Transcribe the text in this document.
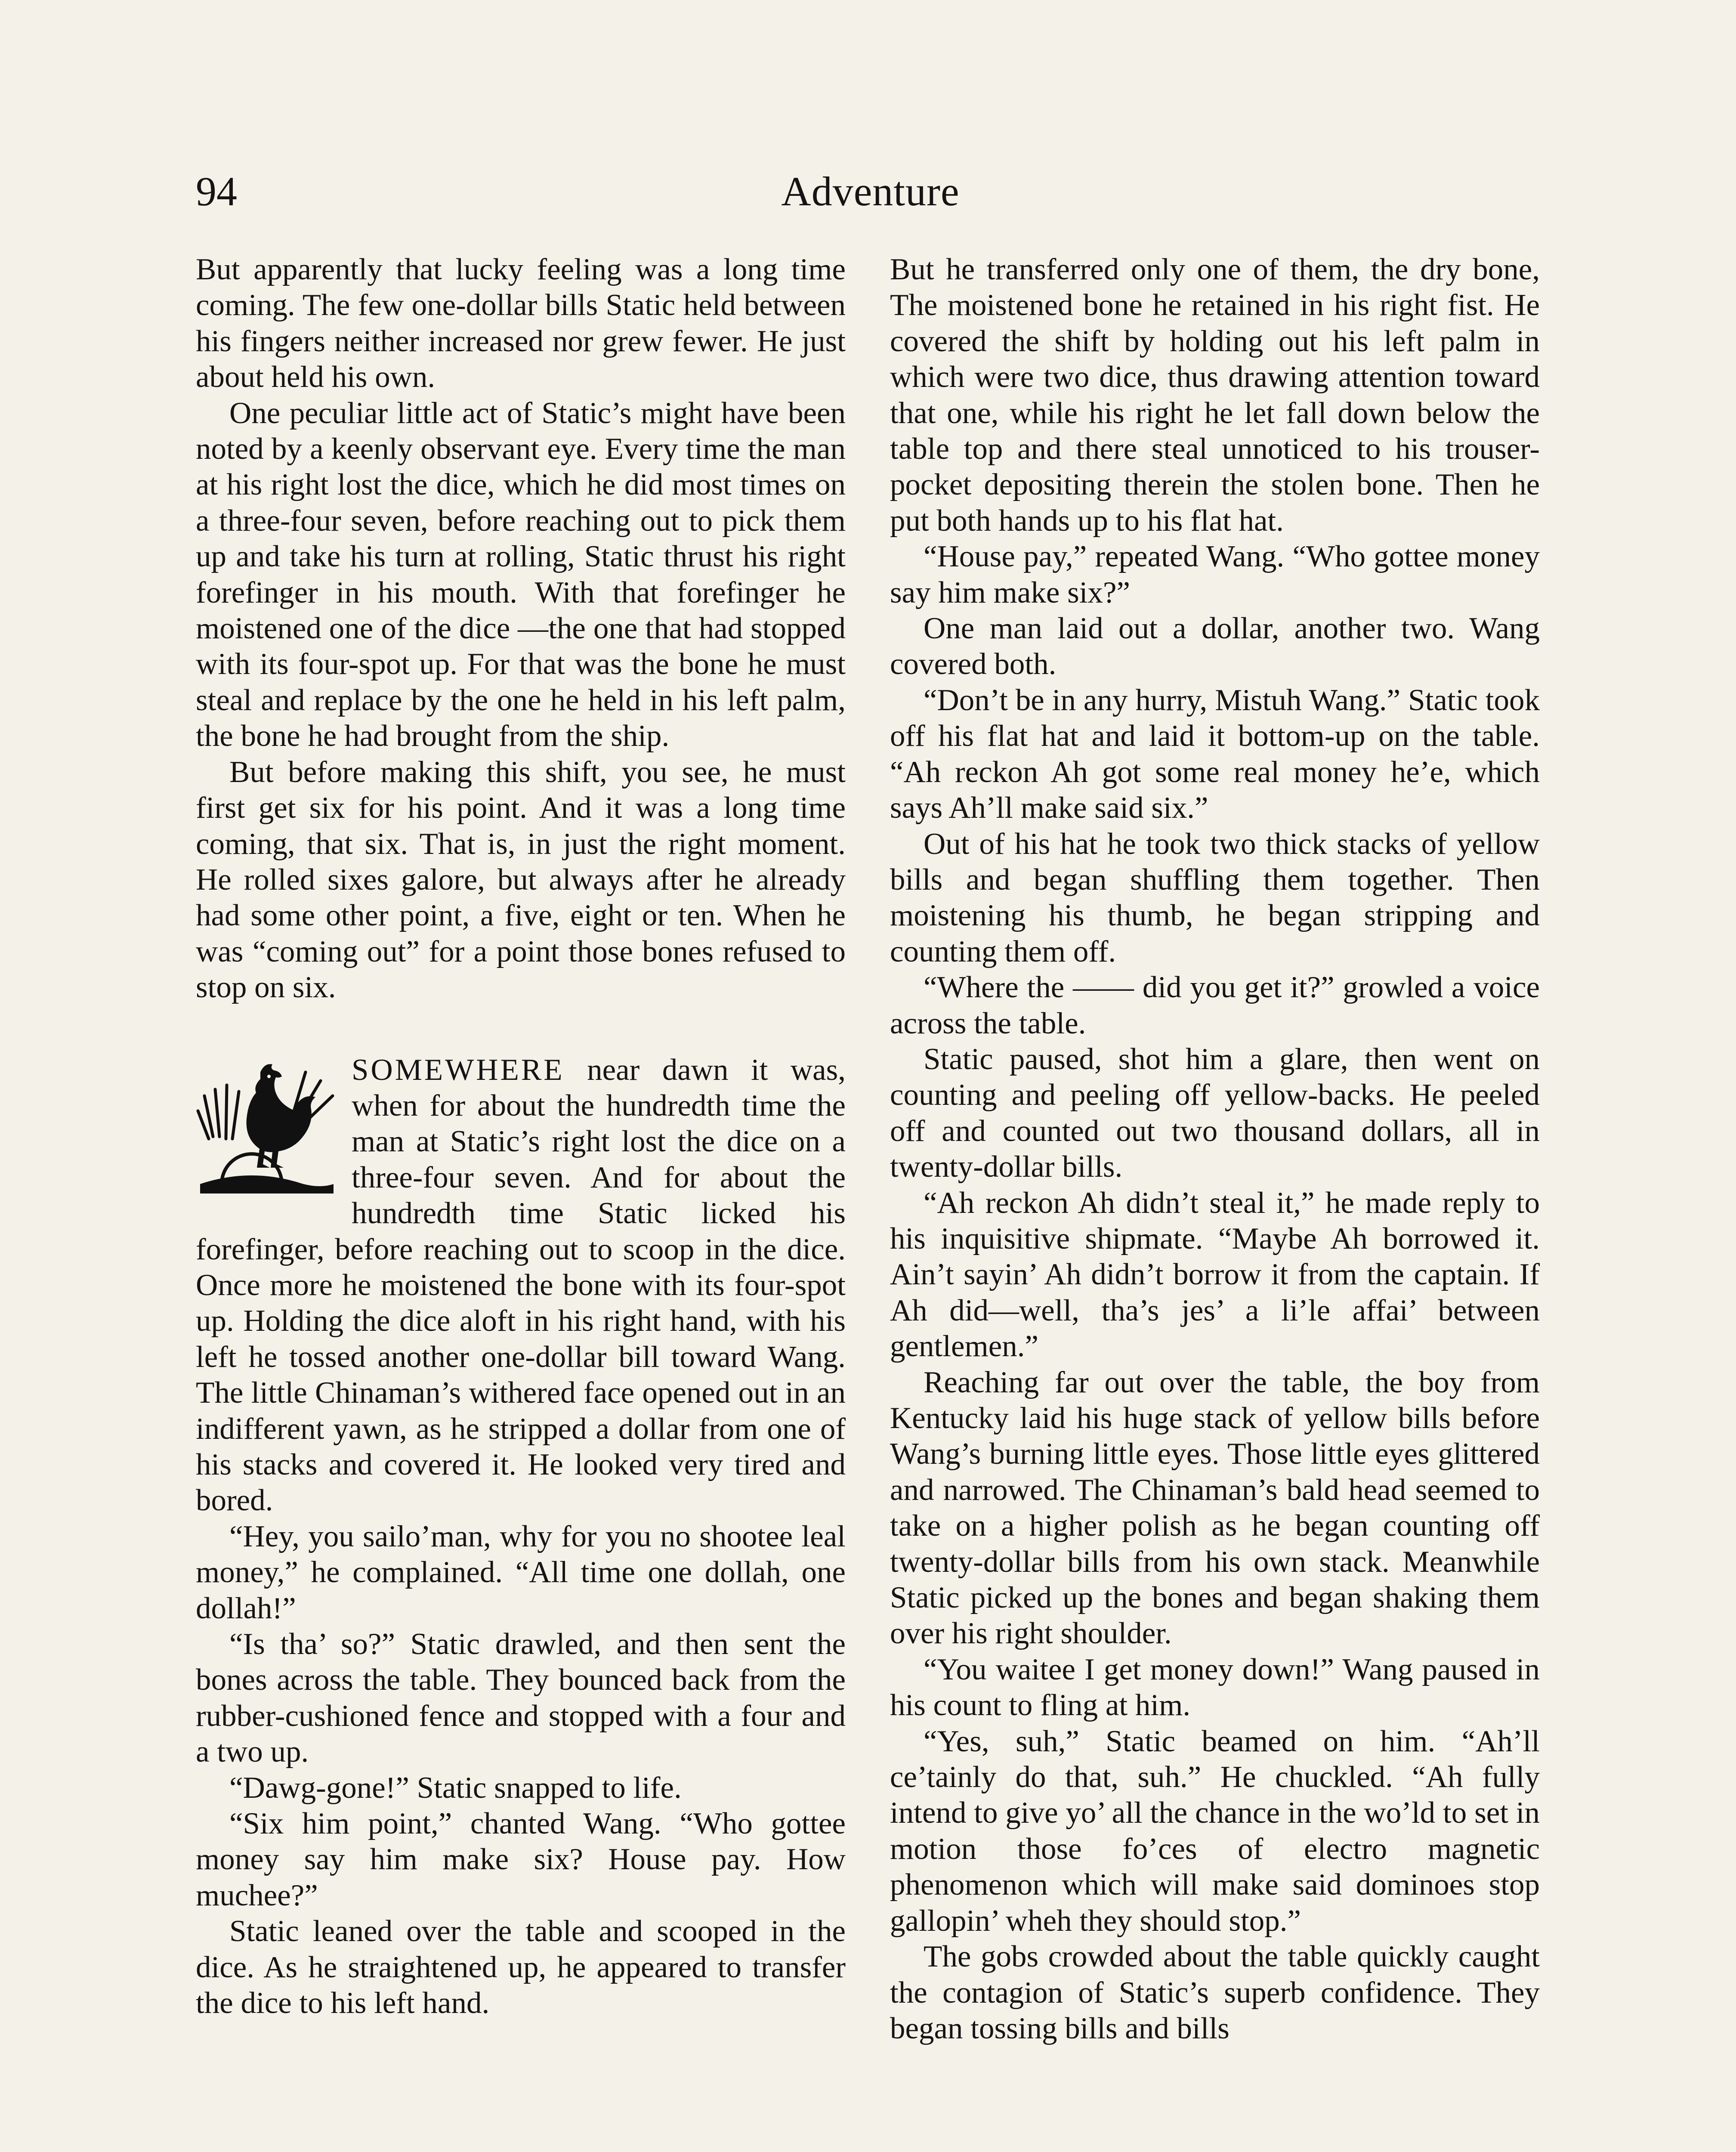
94	Adventure

But apparently that lucky feeling was a long time coming. The few one-dollar bills Static held between his fingers neither increased nor grew fewer. He just about held his own.

One peculiar little act of Static’s might have been noted by a keenly observant eye. Every time the man at his right lost the dice, which he did most times on a three-four seven, before reaching out to pick them up and take his turn at rolling, Static thrust his right forefinger in his mouth. With that forefinger he moistened one of the dice —the one that had stopped with its four-spot up. For that was the bone he must steal and replace by the one he held in his left palm, the bone he had brought from the ship.

But before making this shift, you see, he must first get six for his point. And it was a long time coming, that six. That is, in just the right moment. He rolled sixes galore, but always after he already had some other point, a five, eight or ten. When he was “coming out” for a point those bones refused to stop on six.

SOMEWHERE near dawn it was, when for about the hundredth time the man at Static’s right lost the dice on a three-four seven. And for about the hundredth time Static licked his forefinger, before reaching out to scoop in the dice. Once more he moistened the bone with its four-spot up. Holding the dice aloft in his right hand, with his left he tossed another one-dollar bill toward Wang. The little Chinaman’s withered face opened out in an indifferent yawn, as he stripped a dollar from one of his stacks and covered it. He looked very tired and bored.

“Hey, you sailo’man, why for you no shootee leal money,” he complained. “All time one dollah, one dollah!”

“Is tha’ so?” Static drawled, and then sent the bones across the table. They bounced back from the rubber-cushioned fence and stopped with a four and a two up.

“Dawg-gone!” Static snapped to life.

“Six him point,” chanted Wang. “Who gottee money say him make six? House pay. How muchee?”

Static leaned over the table and scooped in the dice. As he straightened up, he appeared to transfer the dice to his left hand.

But he transferred only one of them, the dry bone, The moistened bone he retained in his right fist. He covered the shift by holding out his left palm in which were two dice, thus drawing attention toward that one, while his right he let fall down below the table top and there steal unnoticed to his trouser-pocket depositing therein the stolen bone. Then he put both hands up to his flat hat.

“House pay,” repeated Wang. “Who gottee money say him make six?”

One man laid out a dollar, another two. Wang covered both.

“Don’t be in any hurry, Mistuh Wang.” Static took off his flat hat and laid it bottom-up on the table. “Ah reckon Ah got some real money he’e, which says Ah’ll make said six.”

Out of his hat he took two thick stacks of yellow bills and began shuffling them together. Then moistening his thumb, he began stripping and counting them off.

“Where the —— did you get it?” growled a voice across the table.

Static paused, shot him a glare, then went on counting and peeling off yellow-backs. He peeled off and counted out two thousand dollars, all in twenty-dollar bills.

“Ah reckon Ah didn’t steal it,” he made reply to his inquisitive shipmate. “Maybe Ah borrowed it. Ain’t sayin’ Ah didn’t borrow it from the captain. If Ah did—well, tha’s jes’ a li’le affai’ between gentlemen.”

Reaching far out over the table, the boy from Kentucky laid his huge stack of yellow bills before Wang’s burning little eyes. Those little eyes glittered and narrowed. The Chinaman’s bald head seemed to take on a higher polish as he began counting off twenty-dollar bills from his own stack. Meanwhile Static picked up the bones and began shaking them over his right shoulder.

“You waitee I get money down!” Wang paused in his count to fling at him.

“Yes, suh,” Static beamed on him. “Ah’ll ce’tainly do that, suh.” He chuckled. “Ah fully intend to give yo’ all the chance in the wo’ld to set in motion those fo’ces of electro magnetic phenomenon which will make said dominoes stop gallopin’ wheh they should stop.”

The gobs crowded about the table quickly caught the contagion of Static’s superb confidence. They began tossing bills and bills
